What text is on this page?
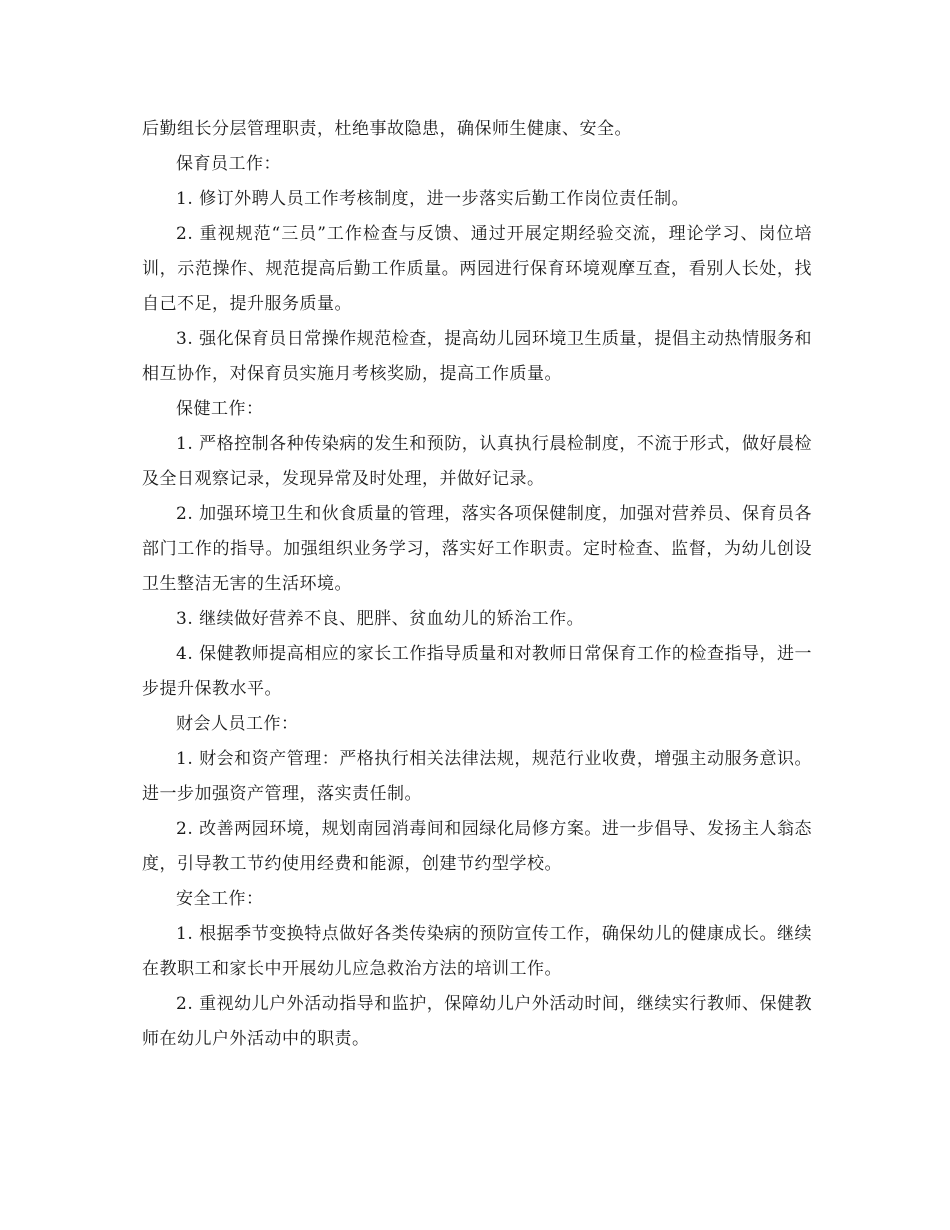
后勤组长分层管理职责，杜绝事故隐患，确保师生健康、安全。

保育员工作：

1. 修订外聘人员工作考核制度，进一步落实后勤工作岗位责任制。

2. 重视规范“三员”工作检查与反馈、通过开展定期经验交流，理论学习、岗位培训，示范操作、规范提高后勤工作质量。两园进行保育环境观摩互查，看别人长处，找自己不足，提升服务质量。

3. 强化保育员日常操作规范检查，提高幼儿园环境卫生质量，提倡主动热情服务和相互协作，对保育员实施月考核奖励，提高工作质量。

保健工作：

1. 严格控制各种传染病的发生和预防，认真执行晨检制度，不流于形式，做好晨检及全日观察记录，发现异常及时处理，并做好记录。

2. 加强环境卫生和伙食质量的管理，落实各项保健制度，加强对营养员、保育员各部门工作的指导。加强组织业务学习，落实好工作职责。定时检查、监督，为幼儿创设卫生整洁无害的生活环境。

3. 继续做好营养不良、肥胖、贫血幼儿的矫治工作。

4. 保健教师提高相应的家长工作指导质量和对教师日常保育工作的检查指导，进一步提升保教水平。

财会人员工作：

1. 财会和资产管理：严格执行相关法律法规，规范行业收费，增强主动服务意识。进一步加强资产管理，落实责任制。

2. 改善两园环境，规划南园消毒间和园绿化局修方案。进一步倡导、发扬主人翁态度，引导教工节约使用经费和能源，创建节约型学校。

安全工作：

1. 根据季节变换特点做好各类传染病的预防宣传工作，确保幼儿的健康成长。继续在教职工和家长中开展幼儿应急救治方法的培训工作。

2. 重视幼儿户外活动指导和监护，保障幼儿户外活动时间，继续实行教师、保健教师在幼儿户外活动中的职责。
